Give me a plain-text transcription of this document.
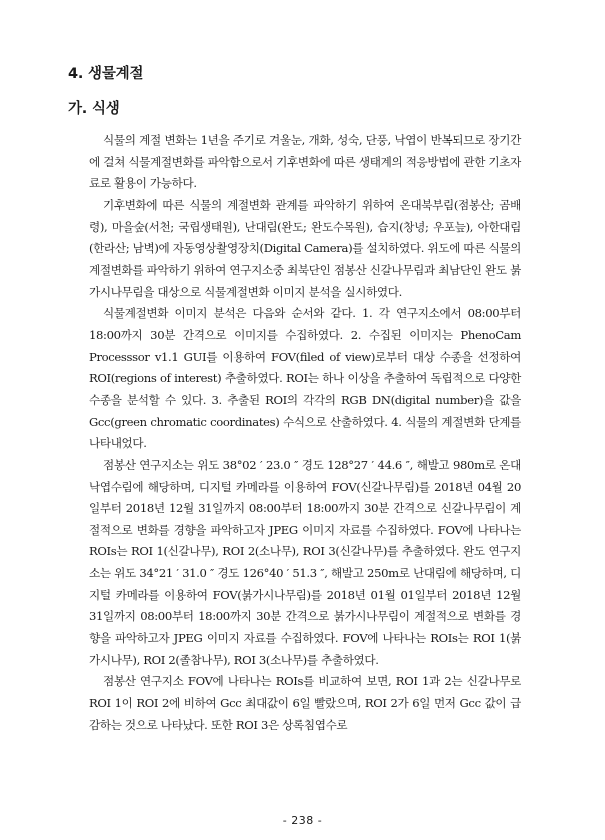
4. 생물계절
가. 식생

식물의 계절 변화는 1년을 주기로 겨울눈, 개화, 성숙, 단풍, 낙엽이 반복되므로 장기간에 걸쳐 식물계절변화를 파악함으로서 기후변화에 따른 생태계의 적응방법에 관한 기초자료로 활용이 가능하다.

기후변화에 따른 식물의 계절변화 관계를 파악하기 위하여 온대북부림(점봉산; 곰배령), 마을숲(서천; 국립생태원), 난대림(완도; 완도수목원), 습지(창녕; 우포늪), 아한대림(한라산; 남벽)에 자동영상촬영장치(Digital Camera)를 설치하였다. 위도에 따른 식물의 계절변화를 파악하기 위하여 연구지소중 최북단인 점봉산 신갈나무림과 최남단인 완도 붉가시나무림을 대상으로 식물계절변화 이미지 분석을 실시하였다.

식물계절변화 이미지 분석은 다음와 순서와 같다. 1. 각 연구지소에서 08:00부터 18:00까지 30분 간격으로 이미지를 수집하였다. 2. 수집된 이미지는 PhenoCam Processsor v1.1 GUI를 이용하여 FOV(filed of view)로부터 대상 수종을 선정하여 ROI(regions of interest) 추출하였다. ROI는 하나 이상을 추출하여 독립적으로 다양한 수종을 분석할 수 있다. 3. 추출된 ROI의 각각의 RGB DN(digital number)을 값을 Gcc(green chromatic coordinates) 수식으로 산출하였다. 4. 식물의 계절변화 단계를 나타내었다.

점봉산 연구지소는 위도 38°02 ′ 23.0 ″ 경도 128°27 ′ 44.6 ″, 해발고 980m로 온대낙엽수림에 해당하며, 디지털 카메라를 이용하여 FOV(신갈나무림)를 2018년 04월 20일부터 2018년 12월 31일까지 08:00부터 18:00까지 30분 간격으로 신갈나무림이 계절적으로 변화를 경향을 파악하고자 JPEG 이미지 자료를 수집하였다. FOV에 나타나는 ROIs는 ROI 1(신갈나무), ROI 2(소나무), ROI 3(신갈나무)를 추출하였다. 완도 연구지소는 위도 34°21 ′ 31.0 ″ 경도 126°40 ′ 51.3 ″, 해발고 250m로 난대림에 해당하며, 디지털 카메라를 이용하여 FOV(붉가시나무림)를 2018년 01월 01일부터 2018년 12월 31일까지 08:00부터 18:00까지 30분 간격으로 붉가시나무림이 계절적으로 변화를 경향을 파악하고자 JPEG 이미지 자료를 수집하였다. FOV에 나타나는 ROIs는 ROI 1(붉가시나무), ROI 2(졸참나무), ROI 3(소나무)를 추출하였다.

점봉산 연구지소 FOV에 나타나는 ROIs를 비교하여 보면, ROI 1과 2는 신갈나무로 ROI 1이 ROI 2에 비하여 Gcc 최대값이 6일 빨랐으며, ROI 2가 6일 먼저 Gcc 값이 급감하는 것으로 나타났다. 또한 ROI 3은 상록침엽수로

- 238 -
